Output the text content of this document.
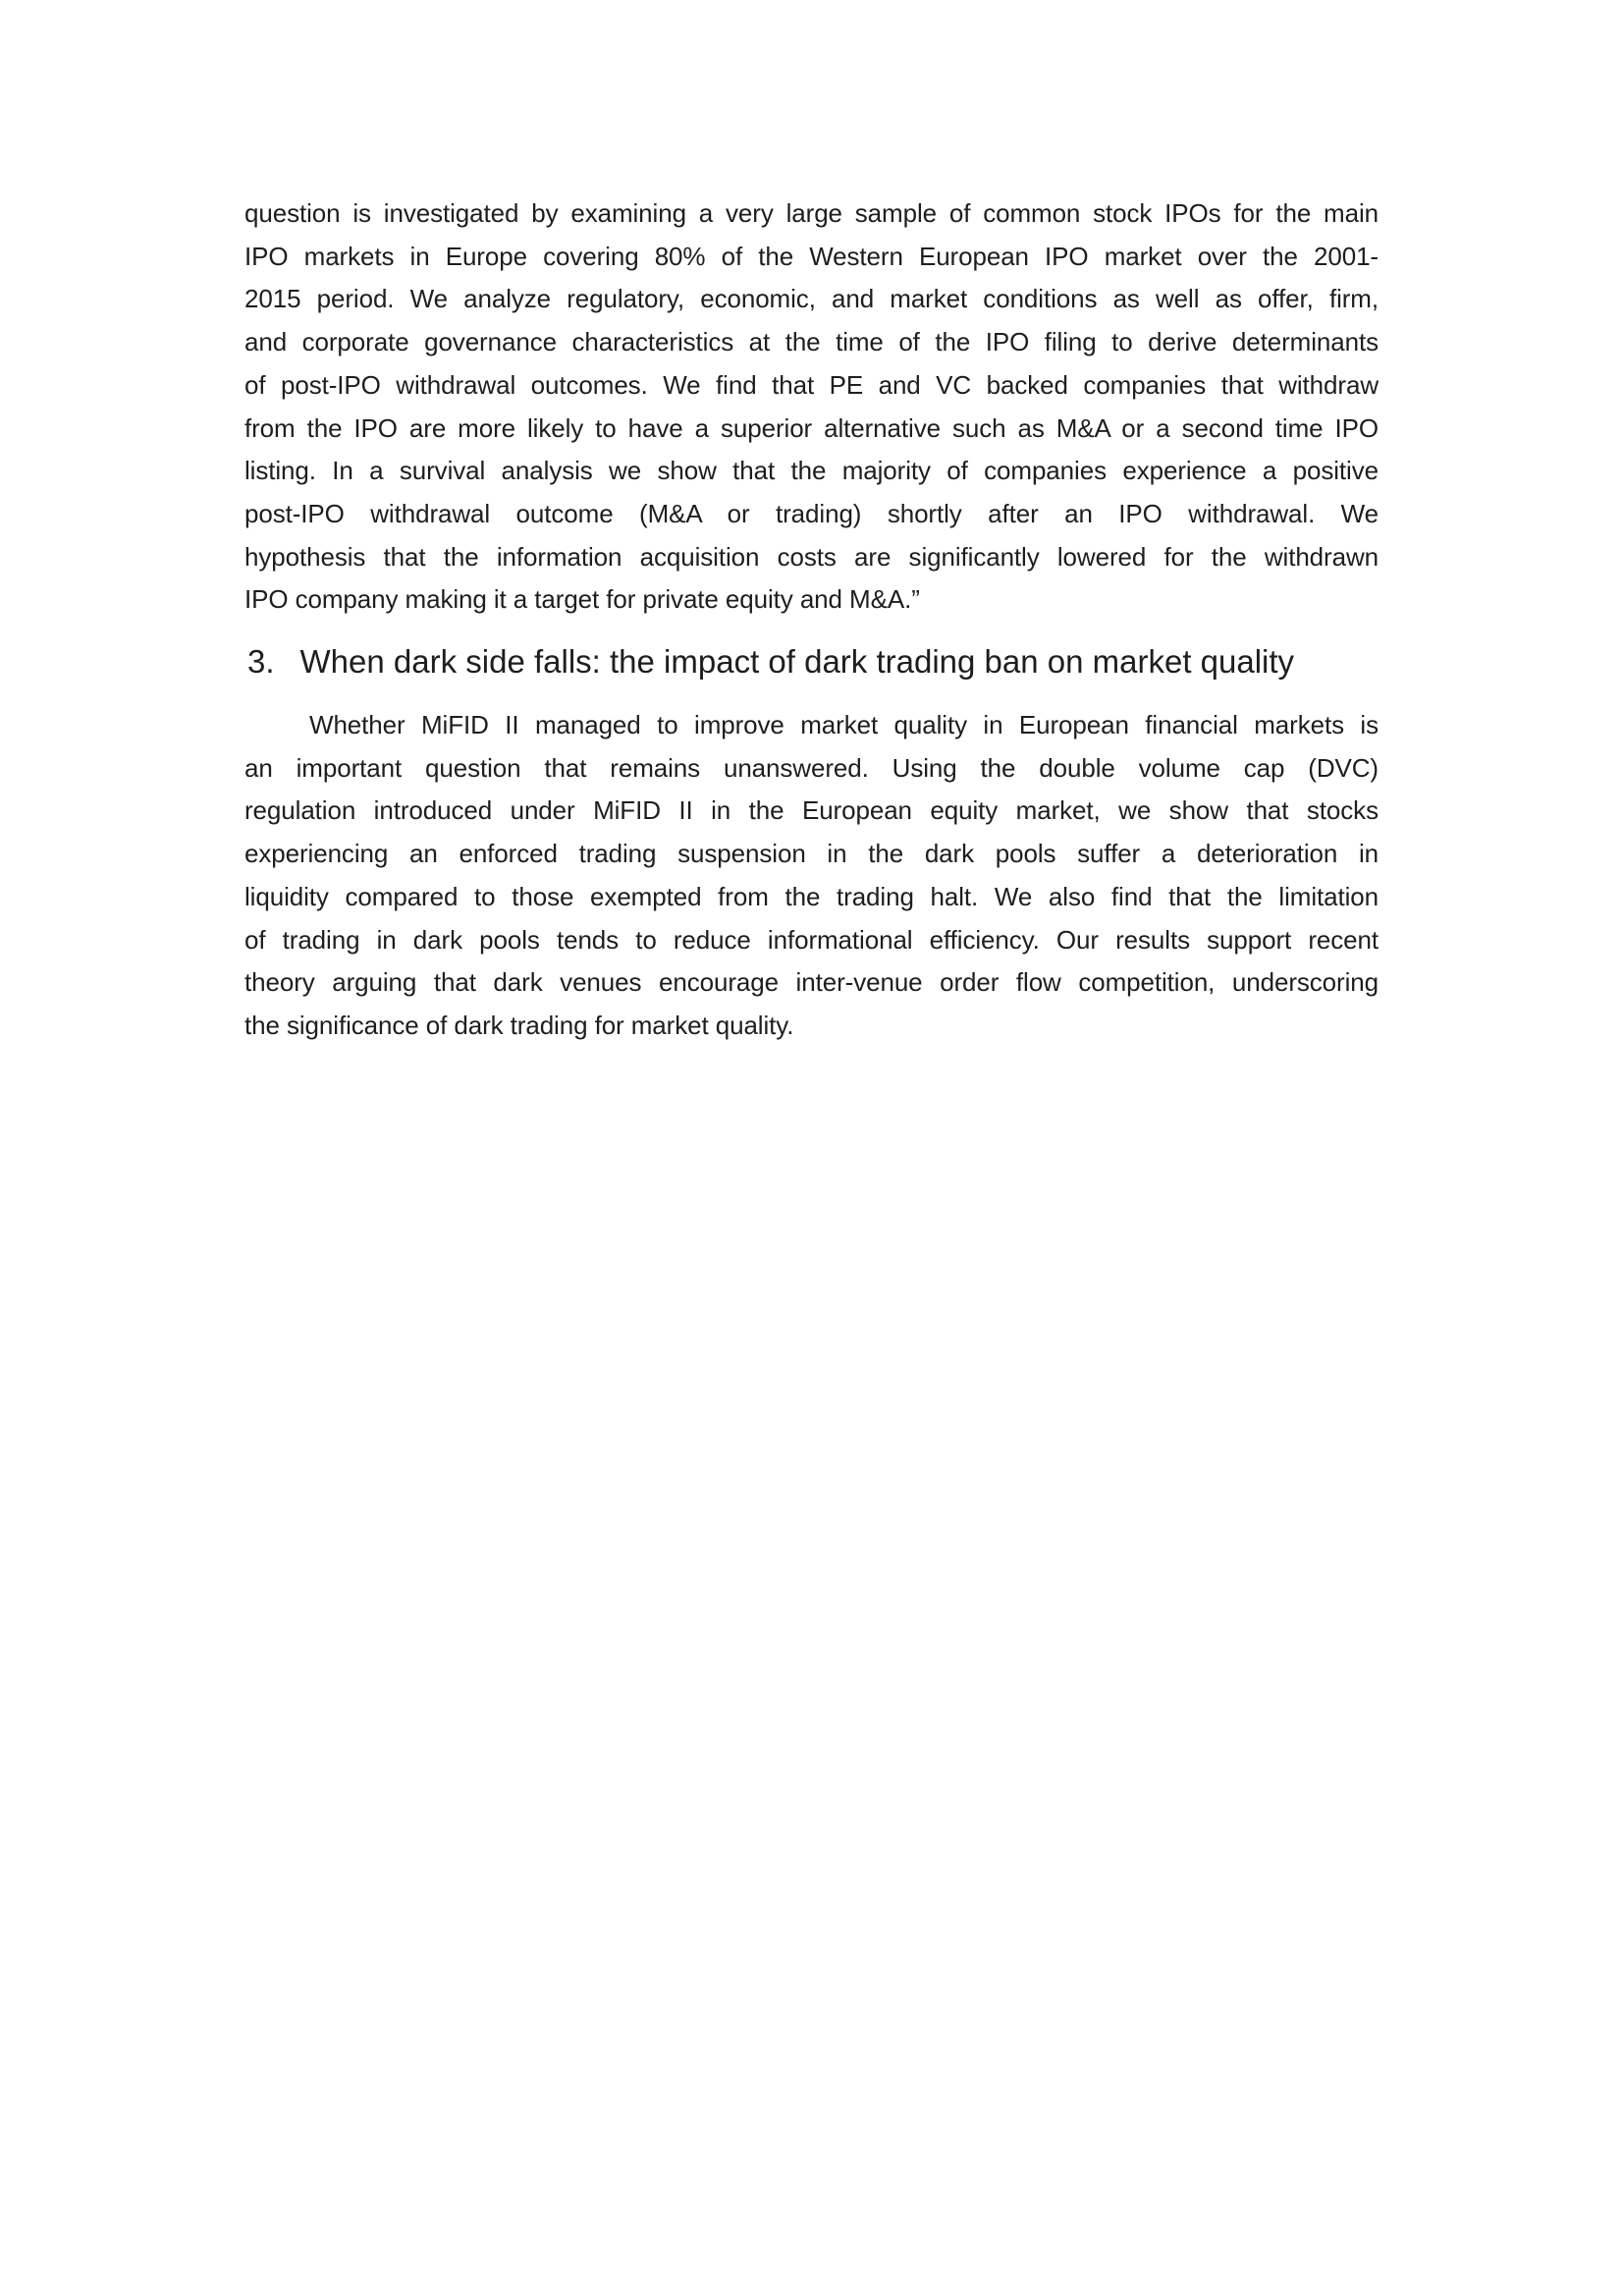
question is investigated by examining a very large sample of common stock IPOs for the main
IPO markets in Europe covering 80% of the Western European IPO market over the 2001-
2015 period. We analyze regulatory, economic, and market conditions as well as offer, firm,
and corporate governance characteristics at the time of the IPO filing to derive determinants
of post-IPO withdrawal outcomes. We find that PE and VC backed companies that withdraw
from the IPO are more likely to have a superior alternative such as M&A or a second time IPO
listing. In a survival analysis we show that the majority of companies experience a positive
post-IPO withdrawal outcome (M&A or trading) shortly after an IPO withdrawal. We
hypothesis that the information acquisition costs are significantly lowered for the withdrawn
IPO company making it a target for private equity and M&A.”
3. When dark side falls: the impact of dark trading ban on market quality
Whether MiFID II managed to improve market quality in European financial markets is
an important question that remains unanswered. Using the double volume cap (DVC)
regulation introduced under MiFID II in the European equity market, we show that stocks
experiencing an enforced trading suspension in the dark pools suffer a deterioration in
liquidity compared to those exempted from the trading halt. We also find that the limitation
of trading in dark pools tends to reduce informational efficiency. Our results support recent
theory arguing that dark venues encourage inter-venue order flow competition, underscoring
the significance of dark trading for market quality.
